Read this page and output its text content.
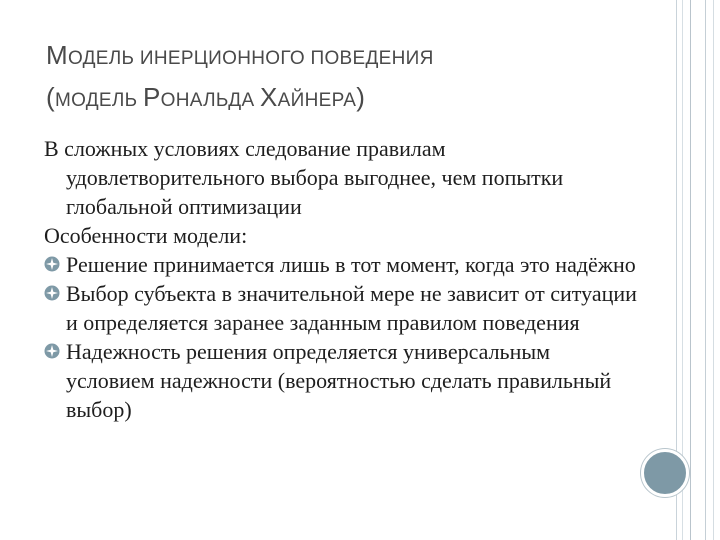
МОДЕЛЬ ИНЕРЦИОННОГО ПОВЕДЕНИЯ
(МОДЕЛЬ РОНАЛЬДА ХАЙНЕРА)

В сложных условиях следование правилам удовлетворительного выбора выгоднее, чем попытки глобальной оптимизации

Особенности модели:

Решение принимается лишь в тот момент, когда это надёжно
Выбор субъекта в значительной мере не зависит от ситуации и определяется заранее заданным правилом поведения
Надежность решения определяется универсальным условием надежности (вероятностью сделать правильный выбор)
